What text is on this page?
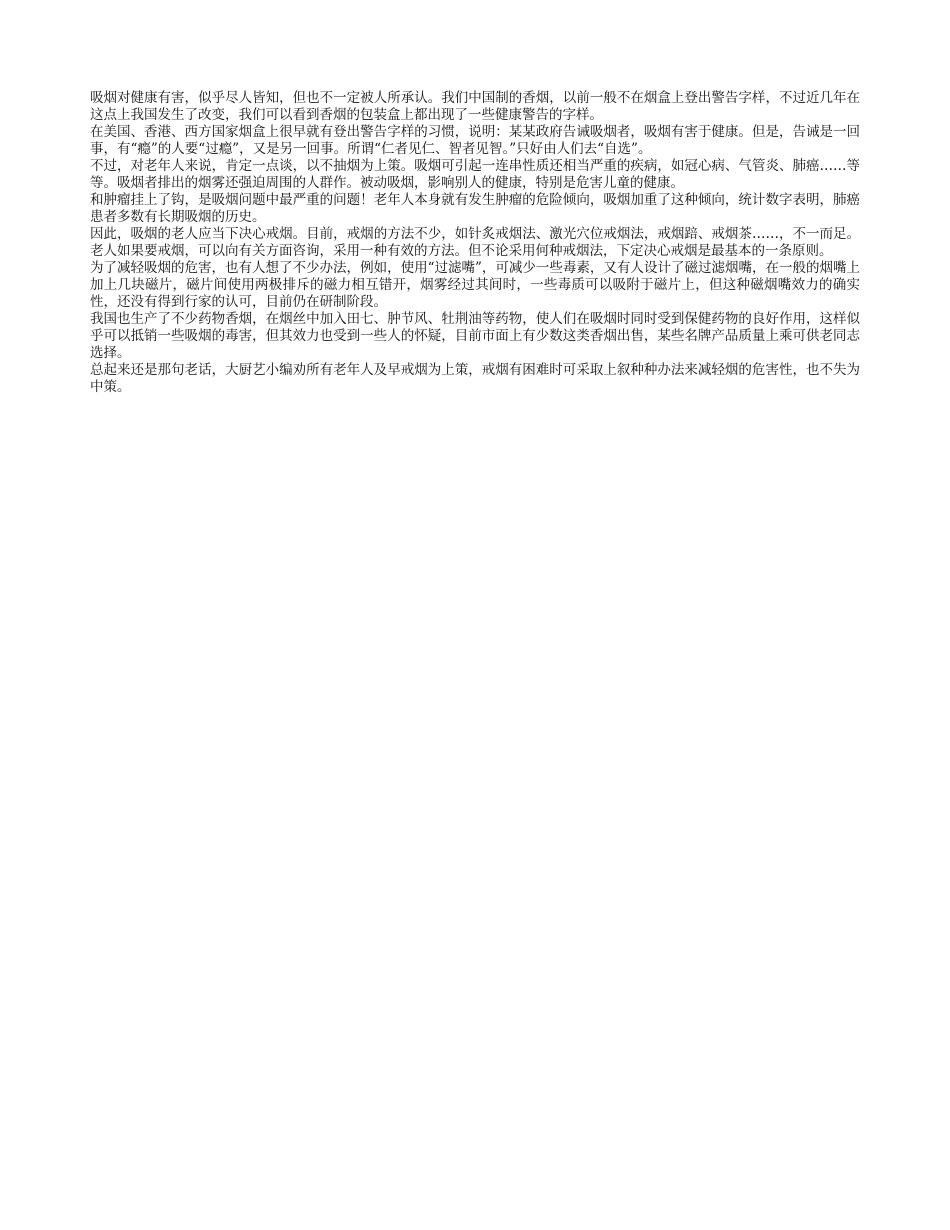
吸烟对健康有害，似乎尽人皆知，但也不一定被人所承认。我们中国制的香烟，以前一般不在烟盒上登出警告字样，不过近几年在这点上我国发生了改变，我们可以看到香烟的包装盒上都出现了一些健康警告的字样。

在美国、香港、西方国家烟盒上很早就有登出警告字样的习惯，说明：某某政府告诫吸烟者，吸烟有害于健康。但是，告诫是一回事，有“瘾”的人要“过瘾”，又是另一回事。所谓“仁者见仁、智者见智。”只好由人们去“自选”。

不过，对老年人来说，肯定一点谈，以不抽烟为上策。吸烟可引起一连串性质还相当严重的疾病，如冠心病、气管炎、肺癌……等等。吸烟者排出的烟雾还强迫周围的人群作。被动吸烟，影响别人的健康，特别是危害儿童的健康。

和肿瘤挂上了钩，是吸烟问题中最严重的问题！老年人本身就有发生肿瘤的危险倾向，吸烟加重了这种倾向，统计数字表明，肺癌患者多数有长期吸烟的历史。

因此，吸烟的老人应当下决心戒烟。目前，戒烟的方法不少，如针炙戒烟法、激光穴位戒烟法，戒烟踣、戒烟茶……，不一而足。老人如果要戒烟，可以向有关方面咨询，采用一种有效的方法。但不论采用何种戒烟法，下定决心戒烟是最基本的一条原则。

为了减轻吸烟的危害，也有人想了不少办法，例如，使用“过滤嘴”，可减少一些毒素，又有人设计了磁过滤烟嘴，在一般的烟嘴上加上几块磁片，磁片间使用两极排斥的磁力相互错开，烟雾经过其间时，一些毒质可以吸附于磁片上，但这种磁烟嘴效力的确实性，还没有得到行家的认可，目前仍在研制阶段。

我国也生产了不少药物香烟，在烟丝中加入田七、肿节风、牡荆油等药物，使人们在吸烟时同时受到保健药物的良好作用，这样似乎可以抵销一些吸烟的毒害，但其效力也受到一些人的怀疑，目前市面上有少数这类香烟出售，某些名牌产品质量上乘可供老同志选择。

总起来还是那句老话，大厨艺小编劝所有老年人及早戒烟为上策，戒烟有困难时可采取上叙种种办法来减轻烟的危害性，也不失为中策。
